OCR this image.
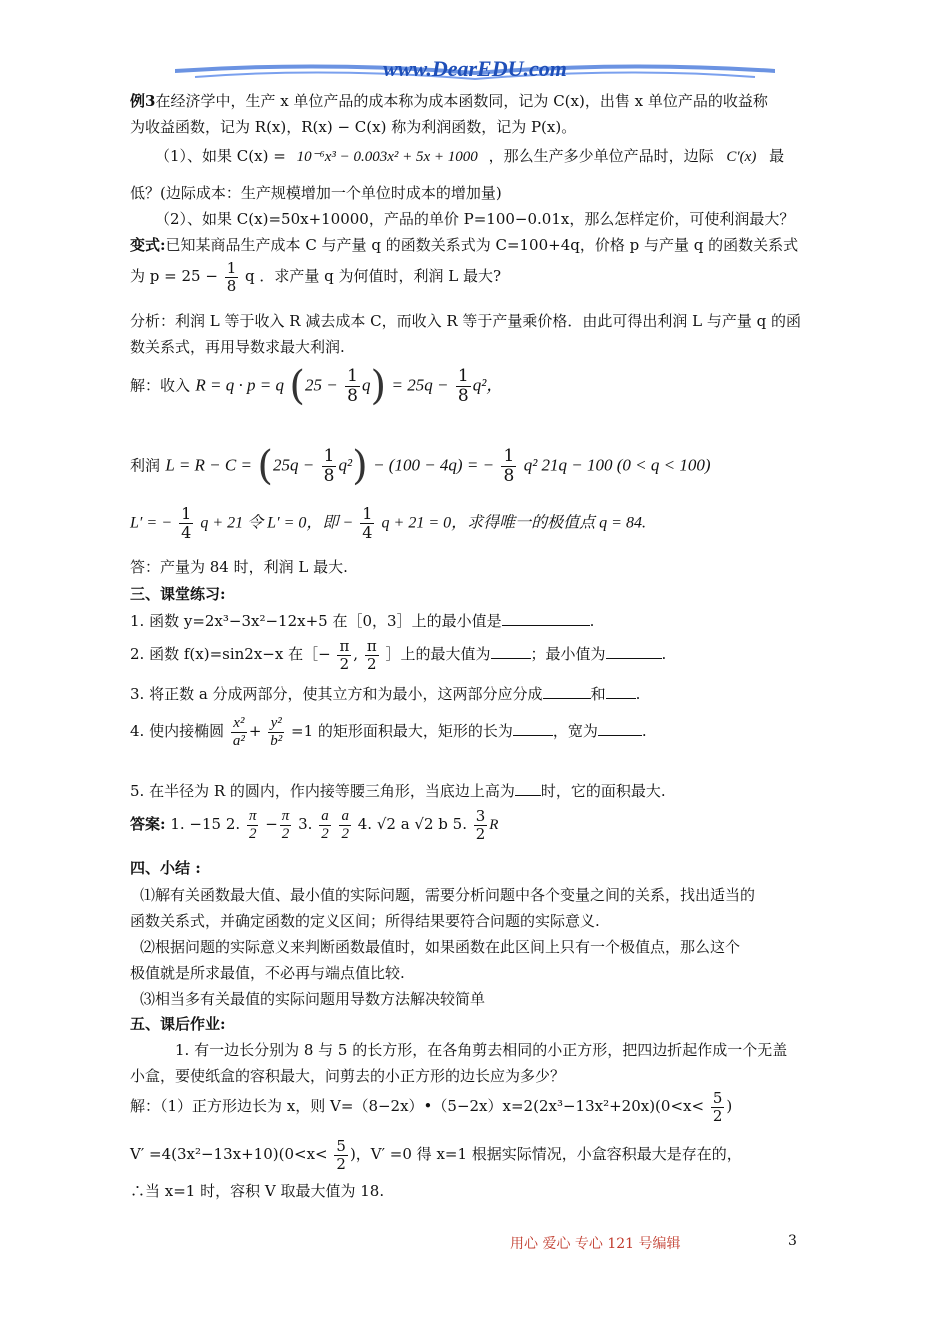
www.DearEDU.com
例3在经济学中，生产 x 单位产品的成本称为成本函数同，记为 C(x)，出售 x 单位产品的收益称
为收益函数，记为 R(x)，R(x) − C(x) 称为利润函数，记为 P(x)。
（1）、如果 C(x) = 10⁻⁶x³ − 0.003x² + 5x + 1000 ，那么生产多少单位产品时，边际 C′(x) 最
低？(边际成本：生产规模增加一个单位时成本的增加量)
（2）、如果 C(x)=50x+10000，产品的单价 P=100−0.01x，那么怎样定价，可使利润最大？
变式:已知某商品生产成本 C 与产量 q 的函数关系式为 C=100+4q，价格 p 与产量 q 的函数关系式
为 $p = 25 - \frac{1}{8}$ q ．求产量 q 为何值时，利润 L 最大?
分析：利润 L 等于收入 R 减去成本 C，而收入 R 等于产量乘价格．由此可得出利润 L 与产量 q 的函
数关系式，再用导数求最大利润.
解：收入 R = q · p = q $(25 - \frac{1}{8} q) = 25q - \frac{1}{8} q^2$，
利润 $L = R - C = (25q - \frac{1}{8} q^2) - (100 - 4q)$ = − $\frac{1}{8} q^2$ 21q − 100 (0 < q < 100)
L′ = − $\frac{1}{4}$ q + 21 令 L′ = 0，即 − $\frac{1}{4}$ q + 21 = 0，求得唯一的极值点 q = 84.
答：产量为 84 时，利润 L 最大.
三、课堂练习:
1. 函数 y=2x³−3x²−12x+5 在［0，3］上的最小值是	.
2. 函数 f(x)=sin2x−x 在［− $\frac{\pi}{2}$ , $\frac{\pi}{2}$ ］上的最大值为	；最小值为	.
3. 将正数 a 分成两部分，使其立方和为最小，这两部分应分成	和 .
4. 使内接椭圆 $\frac{\text{x²}}{\text{a²}} + \frac{\text{y²}}{\text{b²}} =1$ 的矩形面积最大，矩形的长为	，宽为	.
5. 在半径为 R 的圆内，作内接等腰三角形，当底边上高为 时，它的面积最大.
答案: 1. −15 2. $\frac{\pi}{2} - \frac{\pi}{2} 3$. $\frac{a}{2}$
$\frac{a}{2} 4$. √2 a √2 b 5. $\frac{3}{2}$ R
四、小结 :
⑴解有关函数最大值、最小值的实际问题，需要分析问题中各个变量之间的关系，找出适当的
函数关系式，并确定函数的定义区间；所得结果要符合问题的实际意义.
⑵根据问题的实际意义来判断函数最值时，如果函数在此区间上只有一个极值点，那么这个
极值就是所求最值，不必再与端点值比较.
⑶相当多有关最值的实际问题用导数方法解决较简单
五、课后作业:
1. 有一边长分别为 8 与 5 的长方形，在各角剪去相同的小正方形，把四边折起作成一个无盖
小盒，要使纸盒的容积最大，问剪去的小正方形的边长应为多少？
解：（1）正方形边长为 x，则 V=（8−2x）•（5−2x）x=2(2x³−13x²+20x)(0<x< $\frac{5}{2}$ )
$V' =4(3x^2-13x+10)(0<x< \frac{5}{2}$ )，V′ =0 得 x=1 根据实际情况，小盒容积最大是存在的，
∴当 x=1 时，容积 V 取最大值为 18.
用心 爱心 专心 121 号编辑	3
